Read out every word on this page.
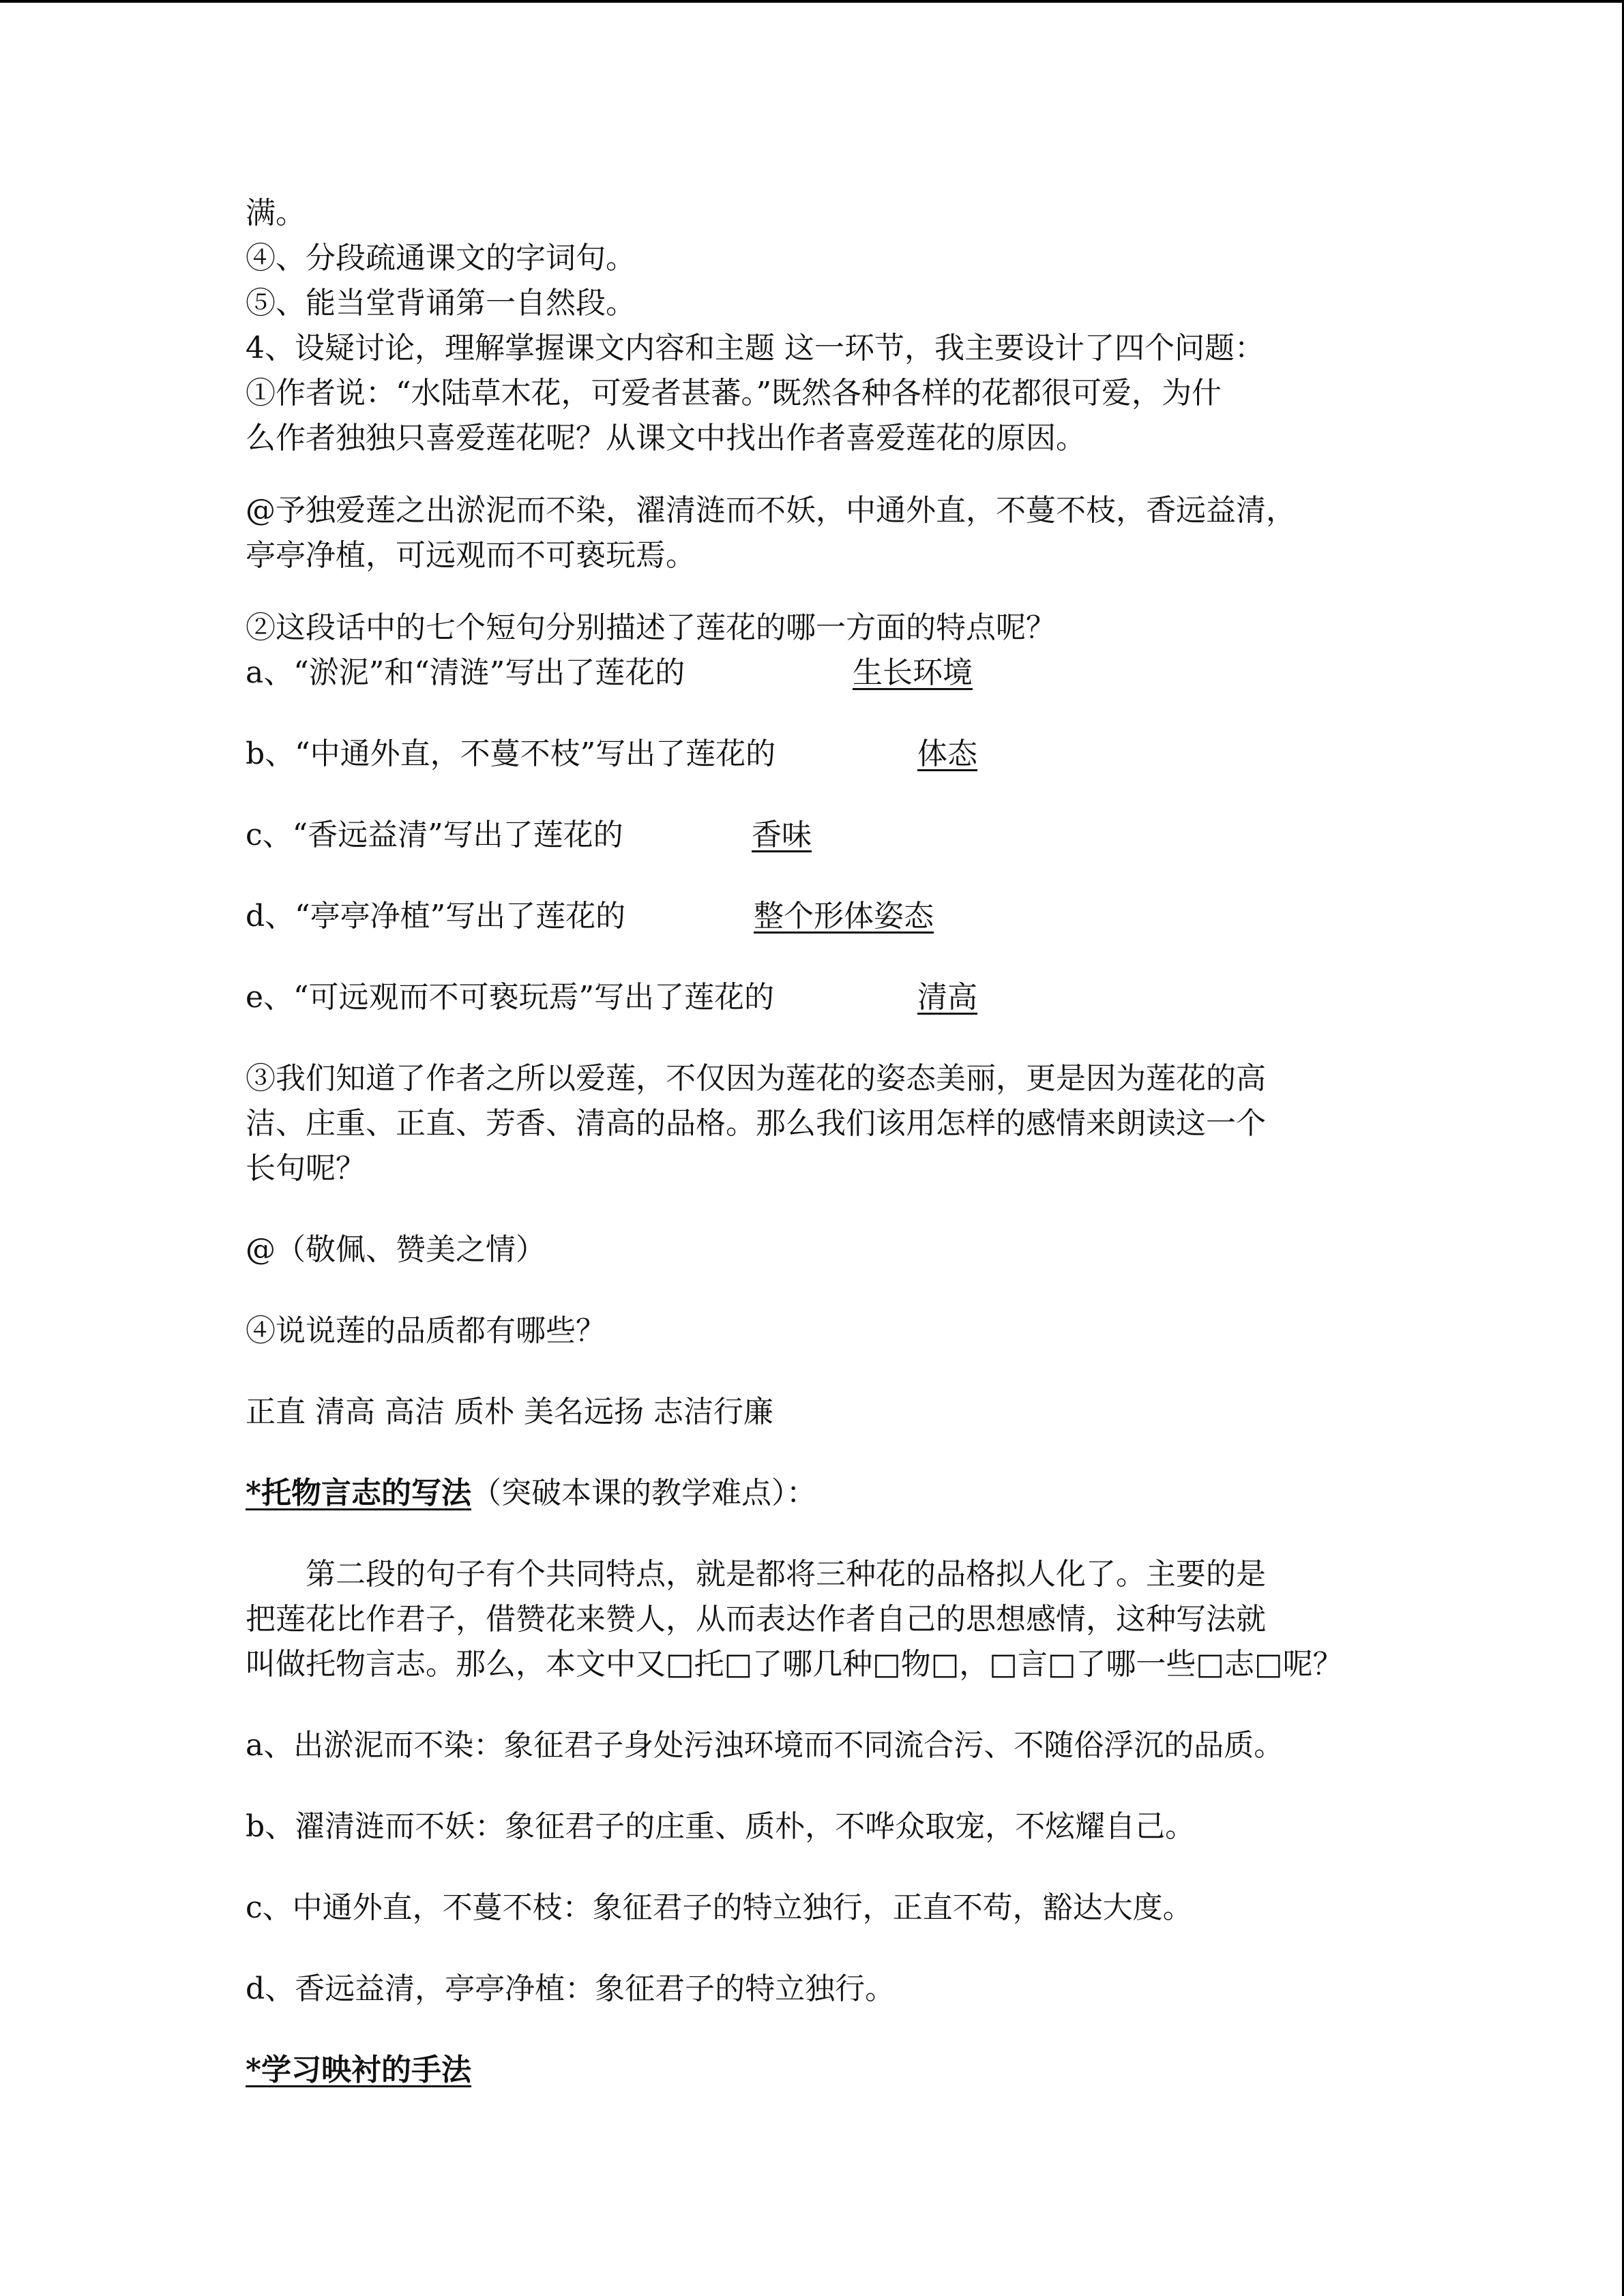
满。
④、分段疏通课文的字词句。
⑤、能当堂背诵第一自然段。
4、设疑讨论，理解掌握课文内容和主题 这一环节，我主要设计了四个问题：
①作者说：“水陆草木花，可爱者甚蕃。”既然各种各样的花都很可爱，为什
么作者独独只喜爱莲花呢？从课文中找出作者喜爱莲花的原因。
@予独爱莲之出淤泥而不染，濯清涟而不妖，中通外直，不蔓不枝，香远益清，
亭亭净植，可远观而不可亵玩焉。
②这段话中的七个短句分别描述了莲花的哪一方面的特点呢？
a、“淤泥”和“清涟”写出了莲花的	生长环境
b、“中通外直，不蔓不枝”写出了莲花的	体态
c、“香远益清”写出了莲花的	香味
d、“亭亭净植”写出了莲花的	整个形体姿态
e、“可远观而不可亵玩焉”写出了莲花的	清高
③我们知道了作者之所以爱莲，不仅因为莲花的姿态美丽，更是因为莲花的高
洁、庄重、正直、芳香、清高的品格。那么我们该用怎样的感情来朗读这一个
长句呢？
@（敬佩、赞美之情）
④说说莲的品质都有哪些？
正直 清高 高洁 质朴 美名远扬 志洁行廉
*托物言志的写法（突破本课的教学难点）：
第二段的句子有个共同特点，就是都将三种花的品格拟人化了。主要的是
把莲花比作君子，借赞花来赞人，从而表达作者自己的思想感情，这种写法就
叫做托物言志。那么，本文中又□托□了哪几种□物□，□言□了哪一些□志□呢？
a、出淤泥而不染：象征君子身处污浊环境而不同流合污、不随俗浮沉的品质。
b、濯清涟而不妖：象征君子的庄重、质朴，不哗众取宠，不炫耀自己。
c、中通外直，不蔓不枝：象征君子的特立独行，正直不苟，豁达大度。
d、香远益清，亭亭净植：象征君子的特立独行。
*学习映衬的手法
